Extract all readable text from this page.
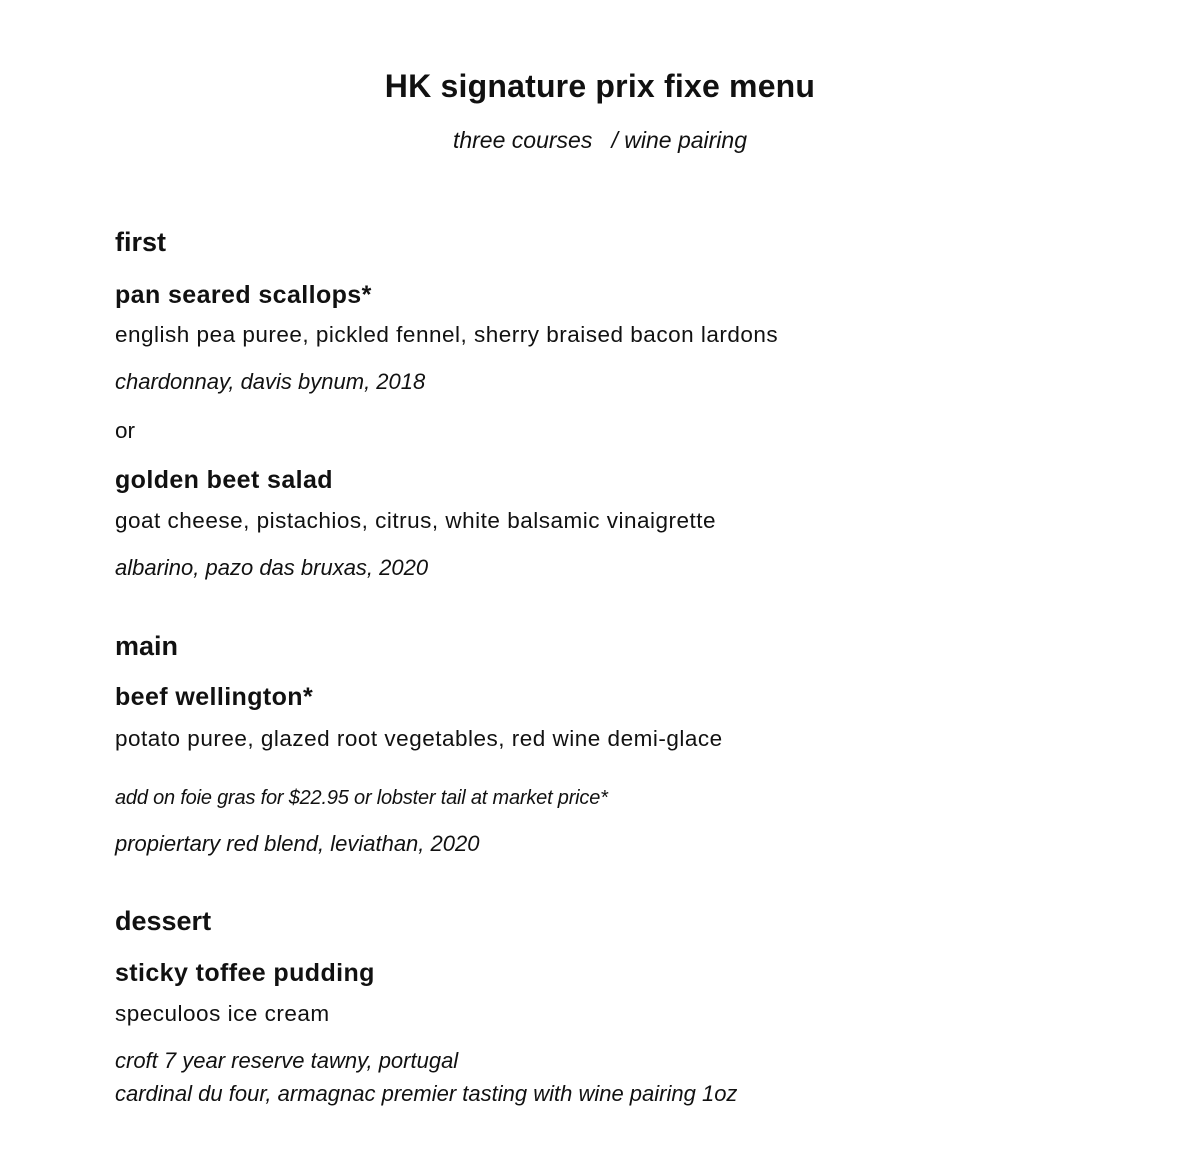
HK signature prix fixe menu
three courses   / wine pairing
first
pan seared scallops*
english pea puree, pickled fennel, sherry braised bacon lardons
chardonnay, davis bynum, 2018
or
golden beet salad
goat cheese, pistachios, citrus, white balsamic vinaigrette
albarino, pazo das bruxas, 2020
main
beef wellington*
potato puree, glazed root vegetables, red wine demi-glace
add on foie gras for $22.95 or lobster tail at market price*
propiertary red blend, leviathan, 2020
dessert
sticky toffee pudding
speculoos ice cream
croft 7 year reserve tawny, portugal
cardinal du four, armagnac premier tasting with wine pairing 1oz
